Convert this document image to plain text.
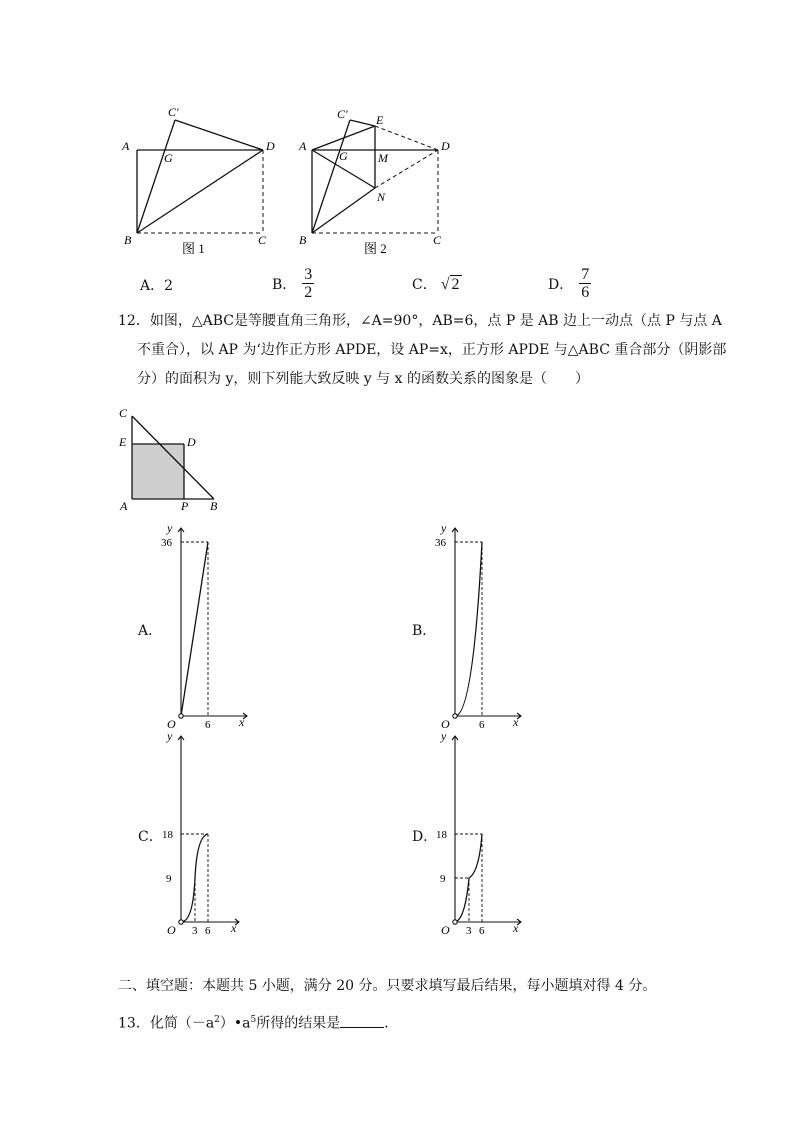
C′
A
G
D
B	C
图 1
C′ E
A
G	M
D
N
B	C
图 2
A．2	B． $\frac{3}{2}$	C． √ 2	D． $\frac{7}{6}$
12．如图，△ABC是等腰直角三角形，∠A=90°，AB=6，点 P 是 AB 边上一动点（点 P 与点 A
不重合），以 AP 为‘边作正方形 APDE，设 AP=x，正方形 APDE 与△ABC 重合部分（阴影部
分）的面积为 y，则下列能大致反映 y 与 x 的函数关系的图象是（　　）
C
E	D
A	P B
A．
y
x
O
36
6
B．
y
x
O
36
6
C．
y
x
O
18
9
3 6
D．
y
x
O
18
9
3 6
二、填空题：本题共 5 小题，满分 20 分。只要求填写最后结果，每小题填对得 4 分。
13．化简$(-a^2)•a^5$所得的结果是	．
